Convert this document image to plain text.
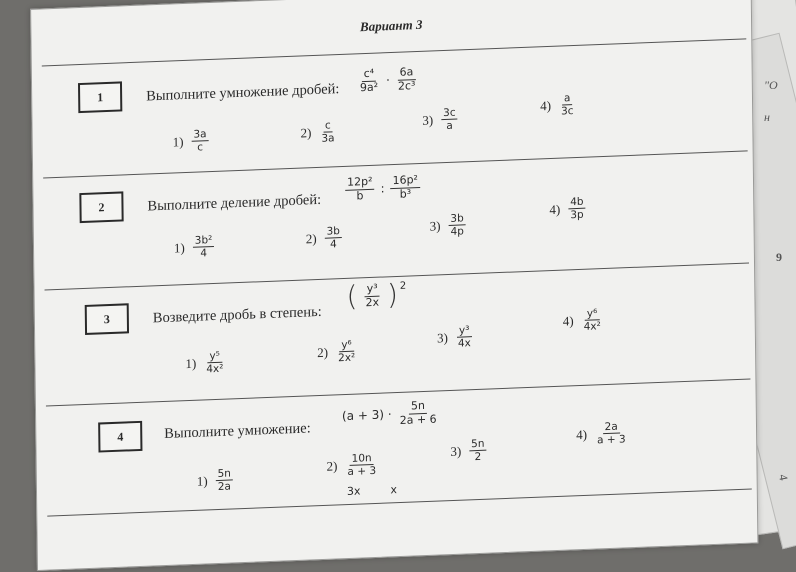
"O
н
9
4
Вариант 3
1	Выполните умножение дробей: $\frac{\text{c⁴}}{\text{9a²}} \cdot \frac{6a}{\text{2c³}}$
$1) \frac{3a}{c}$	$2) \frac{c}{3a}$	$3) \frac{3c}{a}$
$4) \frac{a}{3c}$
2	Выполните деление дробей: $\frac{\text{12p²}}{b}$ : $\frac{\text{16p²}}{\text{b³}}$
$1) \frac{\text{3b²}}{4}$	$2) \frac{3b}{4}$	$3) \frac{3b}{4p}$
$4) \frac{4b}{3p}$
3	Возведите дробь в степень:
( $\frac{\text{y³}}{2x}$ ) 2
$1) \frac{\text{y⁵}}{\text{4x²}}$	$2) \frac{\text{y⁶}}{\text{2x²}}$
$3) \frac{\text{y³}}{4x}$
$4) \frac{\text{y⁶}}{\text{4x²}}$
4	Выполните умножение:
$(a + 3) \cdot \frac{5n}{2a + 6}$
$1) \frac{5n}{2a}$
$2) \frac{10n}{a + 3}$
$3) \frac{5n}{2}$
$4) \frac{2a}{a + 3}$
3x	x
